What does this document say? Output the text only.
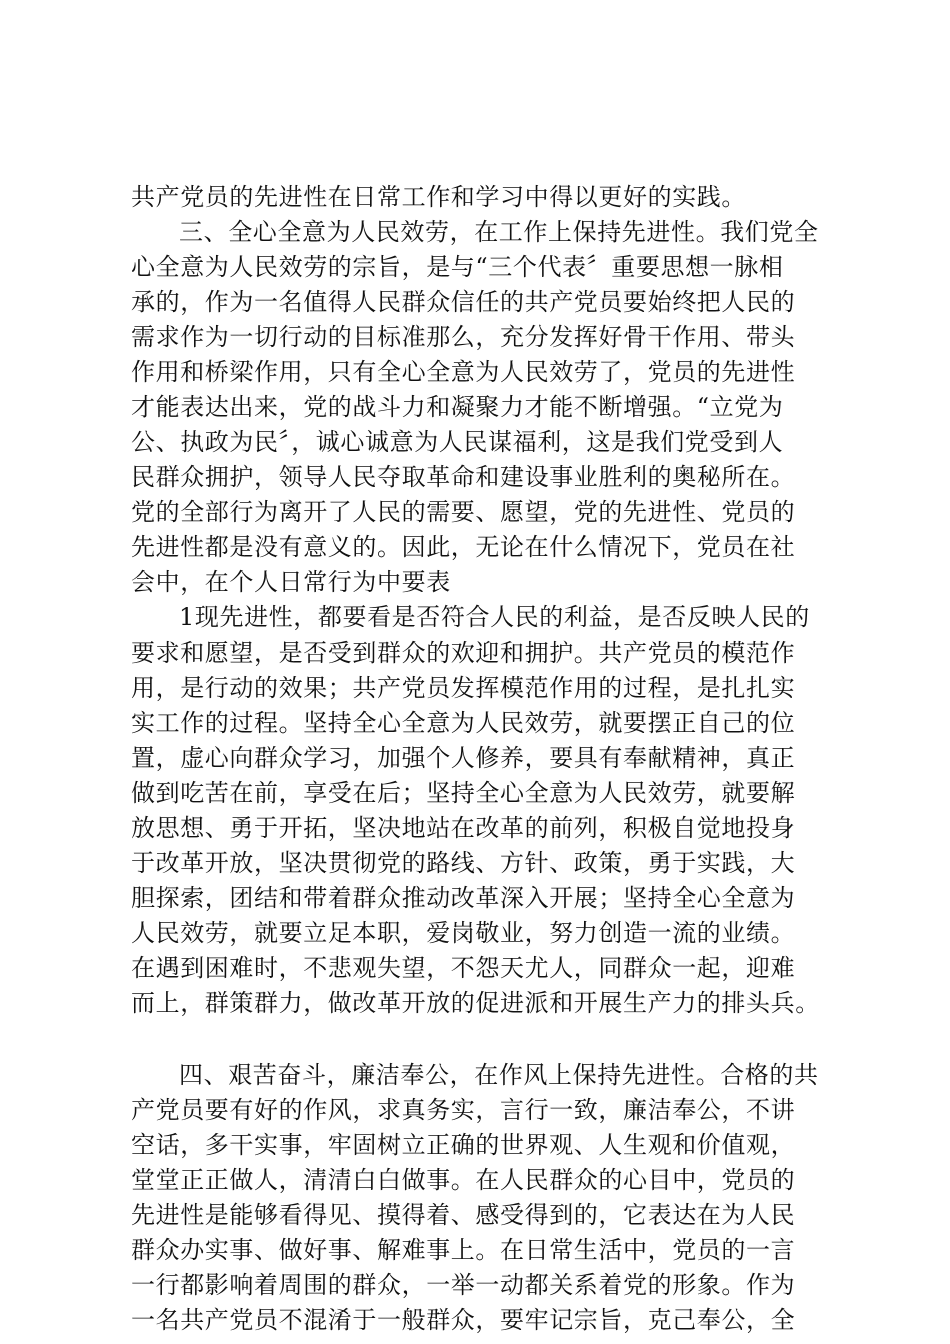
共产党员的先进性在日常工作和学习中得以更好的实践。
三、全心全意为人民效劳，在工作上保持先进性。我们党全
心全意为人民效劳的宗旨，是与“三个代表〞重要思想一脉相
承的，作为一名值得人民群众信任的共产党员要始终把人民的
需求作为一切行动的目标准那么，充分发挥好骨干作用、带头
作用和桥梁作用，只有全心全意为人民效劳了，党员的先进性
才能表达出来，党的战斗力和凝聚力才能不断增强。“立党为
公、执政为民〞，诚心诚意为人民谋福利，这是我们党受到人
民群众拥护，领导人民夺取革命和建设事业胜利的奥秘所在。
党的全部行为离开了人民的需要、愿望，党的先进性、党员的
先进性都是没有意义的。因此，无论在什么情况下，党员在社
会中，在个人日常行为中要表
1现先进性，都要看是否符合人民的利益，是否反映人民的
要求和愿望，是否受到群众的欢迎和拥护。共产党员的模范作
用，是行动的效果；共产党员发挥模范作用的过程，是扎扎实
实工作的过程。坚持全心全意为人民效劳，就要摆正自己的位
置，虚心向群众学习，加强个人修养，要具有奉献精神，真正
做到吃苦在前，享受在后；坚持全心全意为人民效劳，就要解
放思想、勇于开拓，坚决地站在改革的前列，积极自觉地投身
于改革开放，坚决贯彻党的路线、方针、政策，勇于实践，大
胆探索，团结和带着群众推动改革深入开展；坚持全心全意为
人民效劳，就要立足本职，爱岗敬业，努力创造一流的业绩。
在遇到困难时，不悲观失望，不怨天尤人，同群众一起，迎难
而上，群策群力，做改革开放的促进派和开展生产力的排头兵。
四、艰苦奋斗，廉洁奉公，在作风上保持先进性。合格的共
产党员要有好的作风，求真务实，言行一致，廉洁奉公，不讲
空话，多干实事，牢固树立正确的世界观、人生观和价值观，
堂堂正正做人，清清白白做事。在人民群众的心目中，党员的
先进性是能够看得见、摸得着、感受得到的，它表达在为人民
群众办实事、做好事、解难事上。在日常生活中，党员的一言
一行都影响着周围的群众，一举一动都关系着党的形象。作为
一名共产党员不混淆于一般群众，要牢记宗旨，克己奉公，全
